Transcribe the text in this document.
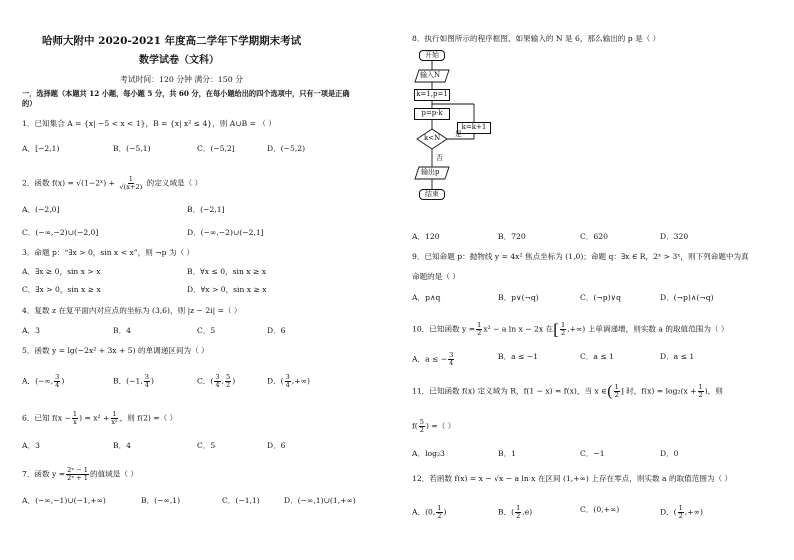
哈师大附中 2020-2021 年度高二学年下学期期末考试
数学试卷（文科）
考试时间：120 分钟 满分：150 分
一．选择题（本题共 12 小题，每小题 5 分，共 60 分，在每小题给出的四个选项中，只有一项是正确
的）
1．已知集合 A = {x| −5 < x < 1}，B = {x| x² ≤ 4}，则 A∪B = （ ）
A．[−2,1)	B．(−5,1)	C．(−5,2]	D．(−5,2)
2．函数 f(x) = √(1−2ˣ) + $\frac{1}{√(x+2)}$ 的定义域是（ ）
A．(−2,0]	B．(−2,1]
C．(−∞,−2)∪(−2,0]	D．(−∞,−2)∪(−2,1]
3．命题 p：“∃x > 0，sin x < x”，则 ¬p 为（ ）
A．∃x ≥ 0，sin x > x	B．∀x ≤ 0，sin x ≥ x
C．∃x > 0，sin x ≥ x	D．∀x > 0，sin x ≥ x
4．复数 z 在复平面内对应点的坐标为 (3,6)，则 |z − 2i| =（ ）
A．3	B．4	C．5	D．6
5．函数 y = lg(−2x² + 3x + 5) 的单调递区间为（ ）
A．(−∞, $\frac{3}{4}$ )	B．(−1, $\frac{3}{4}$ )	C．( $\frac{3}{4}$ , $\frac{5}{2}$ )	D．( $\frac{3}{4}$ ,+∞)
6．已知 $f(x - \frac{1}{x}$ ) = $x^2 + \frac{1}{\text{x²}}$ ，则 f(2) =（ ）
A．3	B．4	C．5	D．6
7．函数 $y = \frac{\text{2ˣ − 1}}{\text{2ˣ + 1}}$ 的值域是（ ）
A．(−∞,−1)∪(−1,+∞)	B．(−∞,1)	C．(−1,1)	D．(−∞,1)∪(1,+∞)
8．执行如图所示的程序框图，如果输入的 N 是 6，那么输出的 p 是（ ）
开始
输入N
k=1,p=1
p=p·k
k=k+1
k<N 是
否
输出p
结束
A．120	B．720	C．620	D．320
9．已知命题 p：抛物线 y = 4x² 焦点坐标为 (1,0)；命题 q：∃x ∈ R，2ˣ > 3ˣ，则下列命题中为真
命题的是（ ）
A．p∧q	B．p∨(¬q)	C．(¬p)∨q	D．(¬p)∧(¬q)
10．已知函数 $y = \frac{1}{2} x^2 - a$ ln x − 2x 在[ $\frac{1}{2}$ ,+∞) 上单调递增，则实数 a 的取值范围为（ ）
A．a ≤ − $\frac{3}{4}$	B．a ≤ −1	C．a ≤ 1	D．a ≤ 1
11．已知函数 f(x) 定义域为 R，f(1 − x) = f(x)，当 x ∈( $\frac{1}{2}$ ] 时，$f(x) = \log_2(x + \frac{1}{2}$ )，则
$f( \frac{5}{2}$ ) =（ ）
A．log₂3	B．1	C．−1	D．0
12．若函数 f(x) = x − √x − a ln x 在区间 (1,+∞) 上存在零点，则实数 a 的取值范围为（ ）
A．(0, $\frac{1}{2}$ )	B．( $\frac{1}{2} ,e$)	C．(0,+∞)	D．( $\frac{1}{2}$ ,+∞)
